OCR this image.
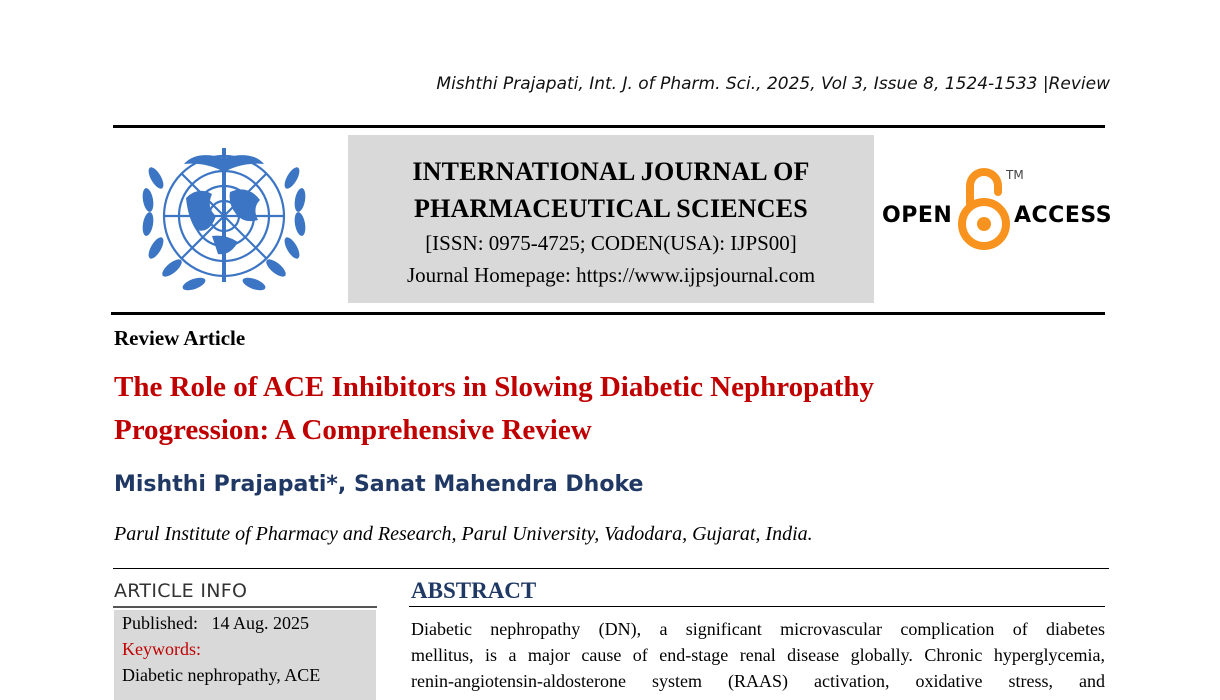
Mishthi Prajapati, Int. J. of Pharm. Sci., 2025, Vol 3, Issue 8, 1524-1533 |Review
INTERNATIONAL JOURNAL OF
PHARMACEUTICAL SCIENCES
[ISSN: 0975-4725; CODEN(USA): IJPS00]
Journal Homepage: https://www.ijpsjournal.com
OPEN
TM
ACCESS
Review Article
The Role of ACE Inhibitors in Slowing Diabetic Nephropathy
Progression: A Comprehensive Review
Mishthi Prajapati*, Sanat Mahendra Dhoke
Parul Institute of Pharmacy and Research, Parul University, Vadodara, Gujarat, India.
ARTICLE INFO
Published: 14 Aug. 2025
Keywords:
Diabetic nephropathy, ACE
ABSTRACT
Diabetic nephropathy (DN), a significant microvascular complication of diabetes
mellitus, is a major cause of end-stage renal disease globally. Chronic hyperglycemia,
renin-angiotensin-aldosterone system (RAAS) activation, oxidative stress, and
